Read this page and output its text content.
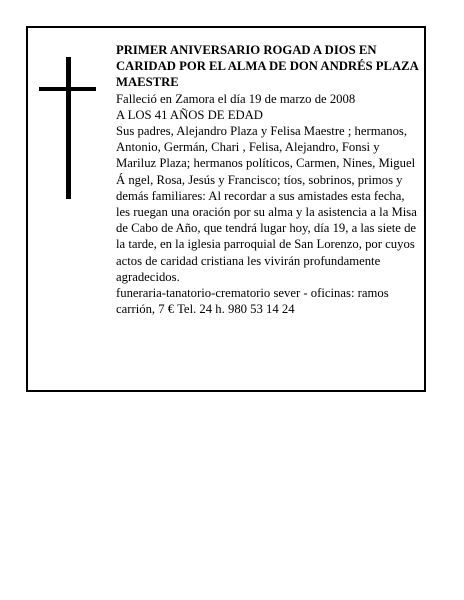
PRIMER ANIVERSARIO ROGAD A DIOS EN CARIDAD POR EL ALMA DE DON ANDRÉS PLAZA MAESTRE

Falleció en Zamora el día 19 de marzo de 2008

A LOS 41 AÑOS DE EDAD

Sus padres, Alejandro Plaza y Felisa Maestre ; hermanos, Antonio, Germán, Chari , Felisa, Alejandro, Fonsi y Mariluz Plaza; hermanos políticos, Carmen, Nines, Miguel Á ngel, Rosa, Jesús y Francisco; tíos, sobrinos, primos y demás familiares: Al recordar a sus amistades esta fecha, les ruegan una oración por su alma y la asistencia a la Misa de Cabo de Año, que tendrá lugar hoy, día 19, a las siete de la tarde, en la iglesia parroquial de San Lorenzo, por cuyos actos de caridad cristiana les vivirán profundamente agradecidos.

funeraria-tanatorio-crematorio sever - oficinas: ramos carrión, 7 € Tel. 24 h. 980 53 14 24
